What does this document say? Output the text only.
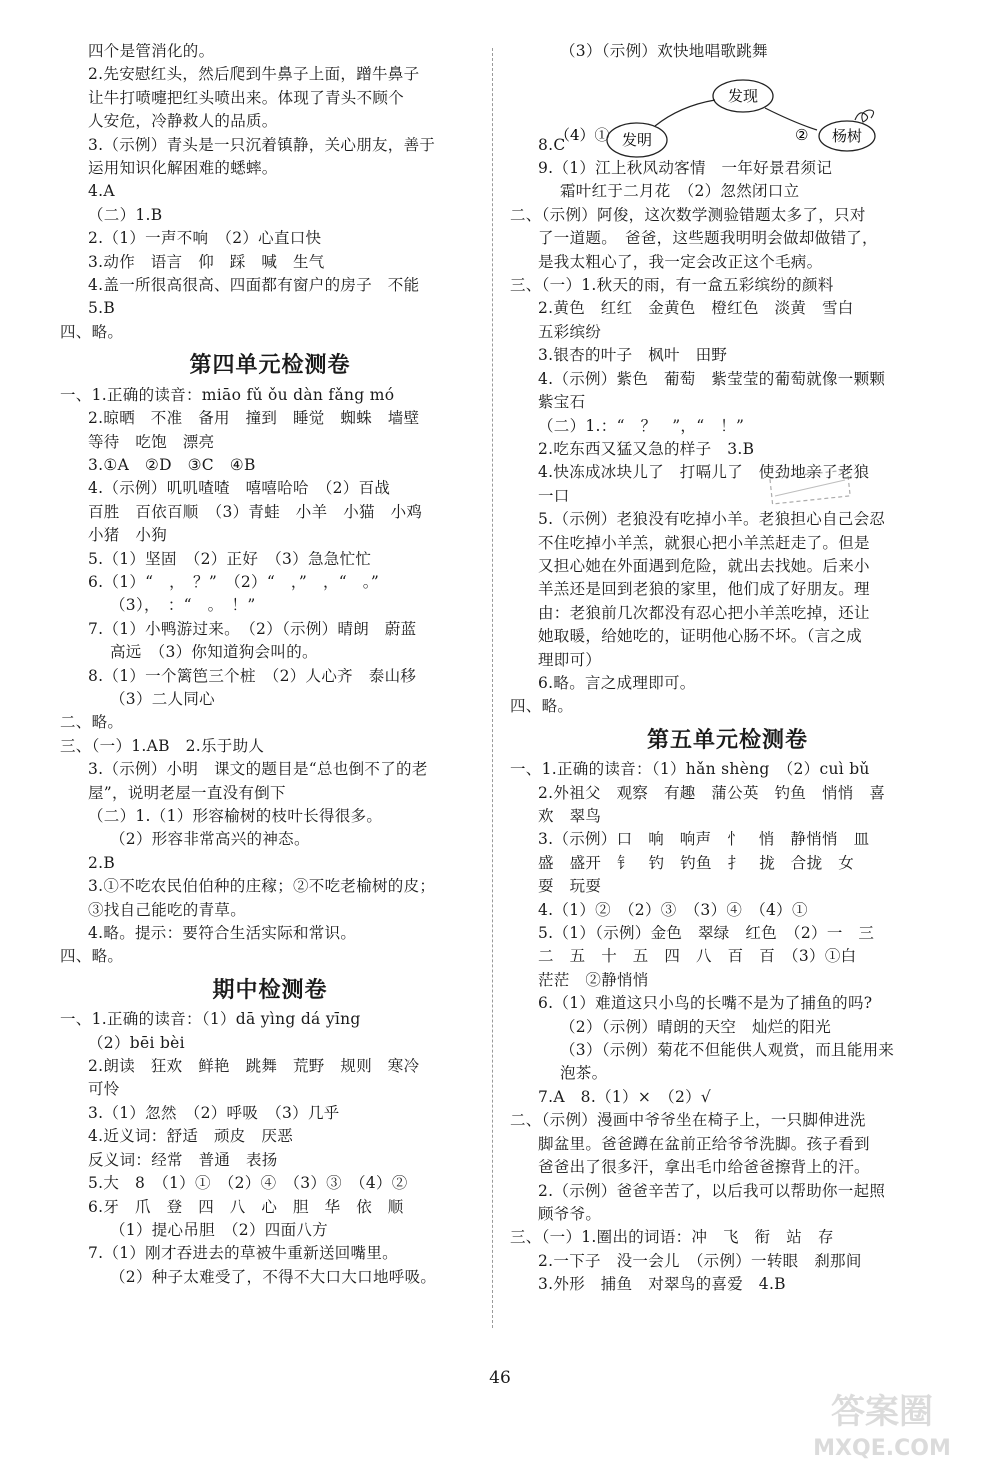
四个是管消化的。
2.先安慰红头，然后爬到牛鼻子上面，蹭牛鼻子
让牛打喷嚏把红头喷出来。体现了青头不顾个
人安危，冷静救人的品质。
3.（示例）青头是一只沉着镇静，关心朋友，善于
运用知识化解困难的蟋蟀。
4.A
（二）1.B
2.（1）一声不响　（2）心直口快
3.动作　语言　仰　踩　喊　生气
4.盖一所很高很高、四面都有窗户的房子　不能
5.B
四、略。
第四单元检测卷
一、1.正确的读音：miāo fǔ ǒu dàn fǎng mó
2.晾晒　不准　备用　撞到　睡觉　蜘蛛　墙壁
等待　吃饱　漂亮
3.①A　②D　③C　④B
4.（示例）叽叽喳喳　嘻嘻哈哈　（2）百战
百胜　百依百顺　（3）青蛙　小羊　小猫　小鸡
小猪　小狗
5.（1）坚固　（2）正好　（3）急急忙忙
6.（1）“　，　？”　（2）“　，”　，“　。”
（3），　：“　。　！”
7.（1）小鸭游过来。　（2）（示例）晴朗　蔚蓝
高远　（3）你知道狗会叫的。
8.（1）一个篱笆三个桩　（2）人心齐　泰山移
（3）二人同心
二、略。
三、（一）1.AB　2.乐于助人
3.（示例）小明　课文的题目是“总也倒不了的老
屋”，说明老屋一直没有倒下
（二）1.（1）形容榆树的枝叶长得很多。
（2）形容非常高兴的神态。
2.B
3.①不吃农民伯伯种的庄稼；②不吃老榆树的皮；
③找自己能吃的青草。
4.略。提示：要符合生活实际和常识。
四、略。
期中检测卷
一、1.正确的读音：（1）dā yìng dá yīng
（2）bēi bèi
2.朗读　狂欢　鲜艳　跳舞　荒野　规则　寒冷
可怜
3.（1）忽然　（2）呼吸　（3）几乎
4.近义词：舒适　顽皮　厌恶
反义词：经常　普通　表扬
5.大　8　（1）①　（2）④　（3）③　（4）②
6.牙　爪　登　四　八　心　胆　华　依　顺
（1）提心吊胆　（2）四面八方
7.（1）刚才吞进去的草被牛重新送回嘴里。
（2）种子太难受了，不得不大口大口地呼吸。
（3）（示例）欢快地唱歌跳舞

8.C
9.（1）江上秋风动客情　一年好景君须记
霜叶红于二月花　（2）忽然闭口立
二、（示例）阿俊，这次数学测验错题太多了，只对
了一道题。　爸爸，这些题我明明会做却做错了，
是我太粗心了，我一定会改正这个毛病。
三、（一）1.秋天的雨，有一盒五彩缤纷的颜料
2.黄色　红红　金黄色　橙红色　淡黄　雪白
五彩缤纷
3.银杏的叶子　枫叶　田野
4.（示例）紫色　葡萄　紫莹莹的葡萄就像一颗颗
紫宝石
（二）1.：“　？　”，“　！”
2.吃东西又猛又急的样子　3.B
4.快冻成冰块儿了　打嗝儿了　使劲地亲了老狼
一口
5.（示例）老狼没有吃掉小羊。老狼担心自己会忍
不住吃掉小羊羔，就狠心把小羊羔赶走了。但是
又担心她在外面遇到危险，就出去找她。后来小
羊羔还是回到老狼的家里，他们成了好朋友。理
由：老狼前几次都没有忍心把小羊羔吃掉，还让
她取暖，给她吃的，证明他心肠不坏。（言之成
理即可）
6.略。言之成理即可。
四、略。
第五单元检测卷
一、1.正确的读音：（1）hǎn shèng　（2）cuì bǔ
2.外祖父　观察　有趣　蒲公英　钓鱼　悄悄　喜
欢　翠鸟
3.（示例）口　响　响声　忄　悄　静悄悄　皿
盛　盛开　钅　钓　钓鱼　扌　拢　合拢　女
耍　玩耍
4.（1）②　（2）③　（3）④　（4）①
5.（1）（示例）金色　翠绿　红色　（2）一　三
二　五　十　五　四　八　百　百　（3）①白
茫茫　②静悄悄
6.（1）难道这只小鸟的长嘴不是为了捕鱼的吗?
（2）（示例）晴朗的天空　灿烂的阳光
（3）（示例）菊花不但能供人观赏，而且能用来
泡茶。
7.A　8.（1）×　（2）√
二、（示例）漫画中爷爷坐在椅子上，一只脚伸进洗
脚盆里。爸爸蹲在盆前正给爷爷洗脚。孩子看到
爸爸出了很多汗，拿出毛巾给爸爸擦背上的汗。
2.（示例）爸爸辛苦了，以后我可以帮助你一起照
顾爷爷。
三、（一）1.圈出的词语：冲　飞　衔　站　存
2.一下子　没一会儿　（示例）一转眼　刹那间
3.外形　捕鱼　对翠鸟的喜爱　4.B
（4）① 发明
发现
② 杨树
46
答案圈
MXQE.COM
